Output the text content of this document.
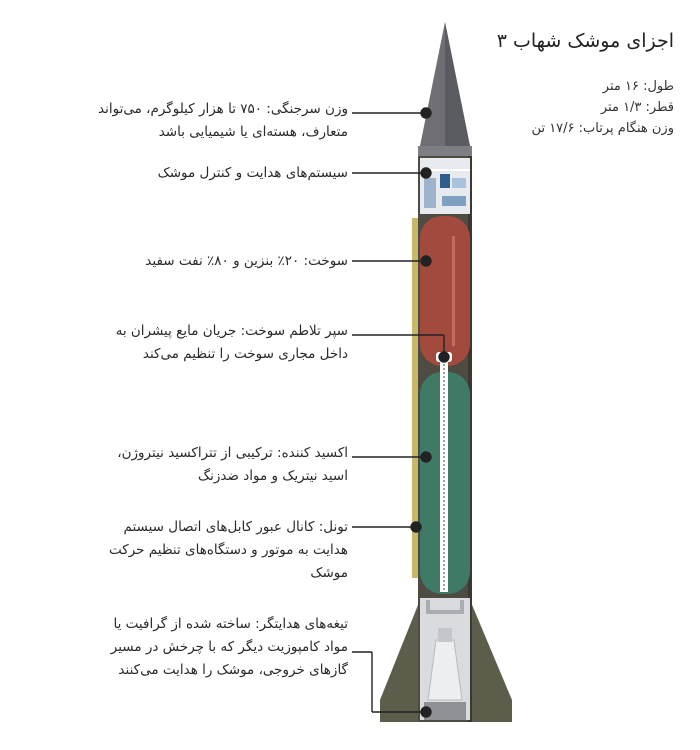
اجزای موشک شهاب ۳
طول: ۱۶ متر
قطر: ۱/۳ متر
وزن هنگام پرتاب: ۱۷/۶ تن
وزن سرجنگی: ۷۵۰ تا هزار کیلوگرم، می‌تواند
متعارف، هسته‌ای یا شیمیایی باشد
سیستم‌های هدایت و کنترل موشک
سوخت: ۲۰٪ بنزین و ۸۰٪ نفت سفید
سپر تلاطم سوخت: جریان مایع پیشران به
داخل مجاری سوخت را تنظیم می‌کند
اکسید کننده: ترکیبی از تتراکسید نیتروژن،
اسید نیتریک و مواد ضدزنگ
تونل: کانال عبور کابل‌های اتصال سیستم
هدایت به موتور و دستگاه‌های تنظیم حرکت
موشک
تیغه‌های هدایتگر: ساخته شده از گرافیت یا
مواد کامپوزیت دیگر که با چرخش در مسیر
گازهای خروجی، موشک را هدایت می‌کنند
